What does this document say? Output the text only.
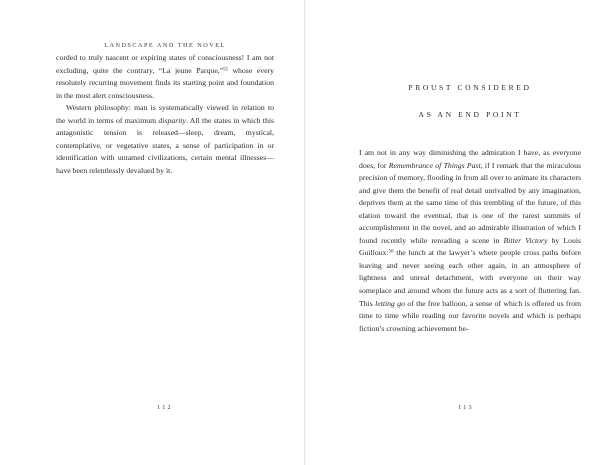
LANDSCAPE AND THE NOVEL

corded to truly nascent or expiring states of consciousness! I am not excluding, quite the contrary, “La jeune Parque,”$^{55}$ whose every resolutely recurring movement finds its starting point and foundation in the most alert consciousness.

Western philosophy: man is systematically viewed in relation to the world in terms of maximum disparity. All the states in which this antagonistic tension is released—sleep, dream, mystical, contemplative, or vegetative states, a sense of participation in or identification with untamed civilizations, certain mental illnesses—have been relentlessly devalued by it.

112
PROUST CONSIDERED
AS AN END POINT

I am not in any way diminishing the admiration I have, as everyone does, for Remembrance of Things Past, if I remark that the miraculous precision of memory, flooding in from all over to animate its characters and give them the benefit of real detail unrivalled by any imagination, deprives them at the same time of this trembling of the future, of this elation toward the eventual, that is one of the rarest summits of accomplishment in the novel, and an admirable illustration of which I found recently while rereading a scene in Bitter Victory by Louis Guilloux:$^{56}$ the lunch at the lawyer’s where people cross paths before leaving and never seeing each other again, in an atmosphere of lightness and unreal detachment, with everyone on their way someplace and around whom the future acts as a sort of fluttering fan. This letting go of the free balloon, a sense of which is offered us from time to time while reading our favorite novels and which is perhaps fiction’s crowning achievement be-

113
